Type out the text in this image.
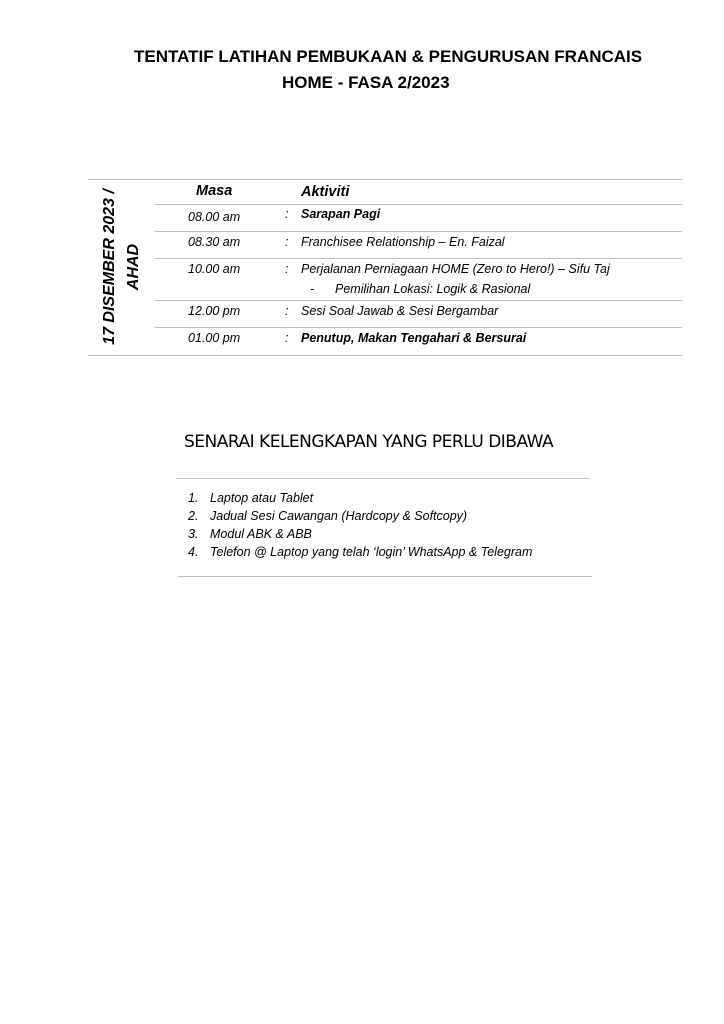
TENTATIF LATIHAN PEMBUKAAN & PENGURUSAN FRANCAIS
HOME - FASA 2/2023
17 DISEMBER 2023 / AHAD
Masa	Aktiviti
08.00 am	: Sarapan Pagi
08.30 am	: Franchisee Relationship – En. Faizal
10.00 am	: Perjalanan Perniagaan HOME (Zero to Hero!) – Sifu Taj
-      Pemilihan Lokasi: Logik & Rasional
12.00 pm	: Sesi Soal Jawab & Sesi Bergambar
01.00 pm	: Penutup, Makan Tengahari & Bersurai
SENARAI KELENGKAPAN YANG PERLU DIBAWA
1. Laptop atau Tablet
2. Jadual Sesi Cawangan (Hardcopy & Softcopy)
3. Modul ABK & ABB
4. Telefon @ Laptop yang telah ‘login’ WhatsApp & Telegram
